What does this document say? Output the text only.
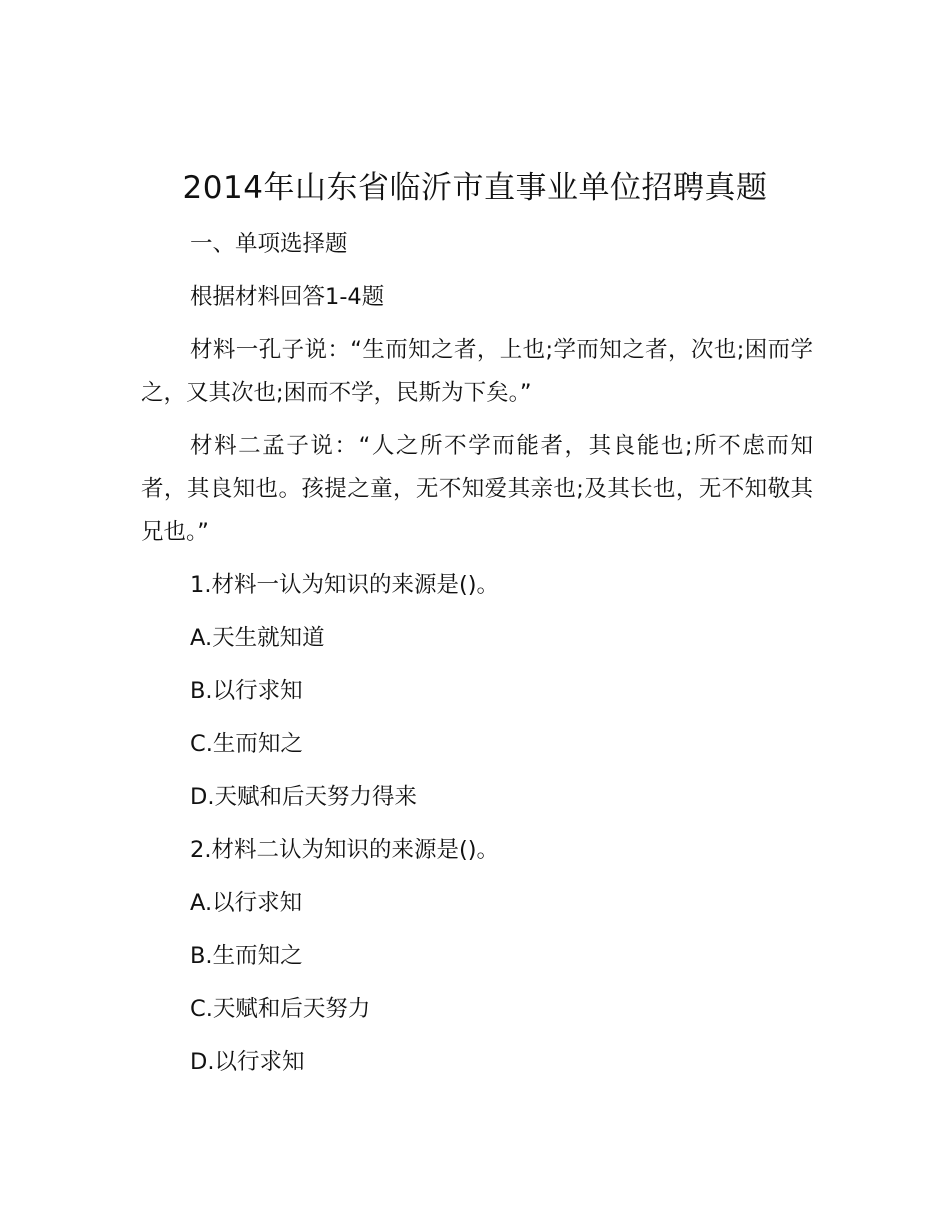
2014年山东省临沂市直事业单位招聘真题

一、单项选择题

根据材料回答1-4题

材料一孔子说：“生而知之者，上也;学而知之者，次也;困而学之，又其次也;困而不学，民斯为下矣。”

材料二孟子说：“人之所不学而能者，其良能也;所不虑而知者，其良知也。孩提之童，无不知爱其亲也;及其长也，无不知敬其兄也。”

1.材料一认为知识的来源是()。

A.天生就知道

B.以行求知

C.生而知之

D.天赋和后天努力得来

2.材料二认为知识的来源是()。

A.以行求知

B.生而知之

C.天赋和后天努力

D.以行求知
